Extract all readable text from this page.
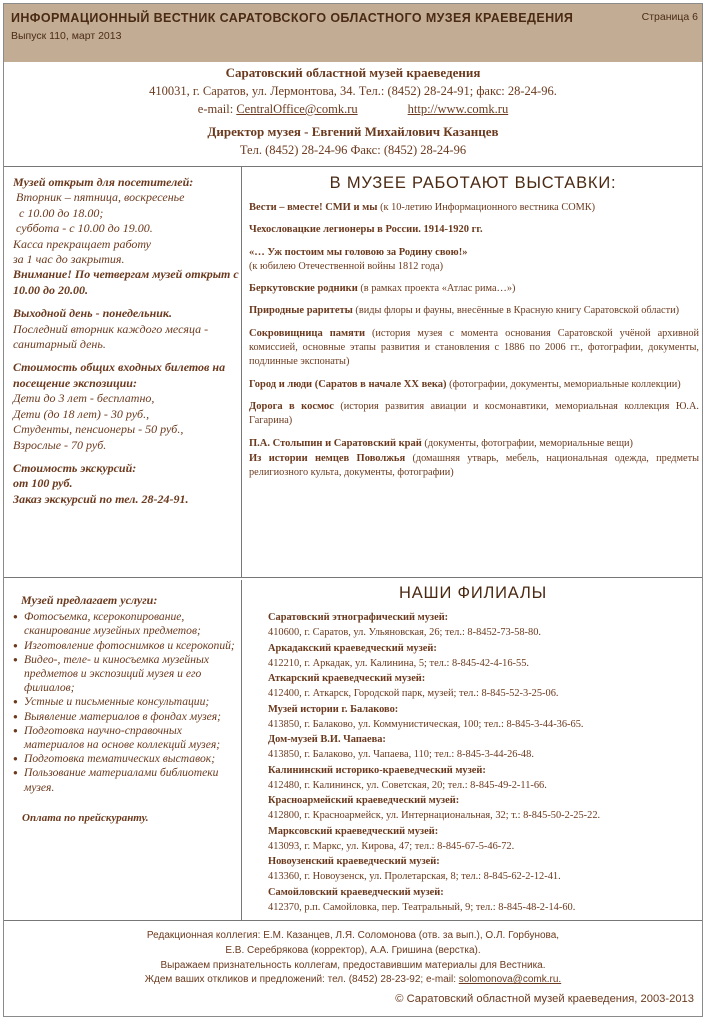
ИНФОРМАЦИОННЫЙ ВЕСТНИК САРАТОВСКОГО ОБЛАСТНОГО МУЗЕЯ КРАЕВЕДЕНИЯ
Выпуск 110, март 2013
Страница 6
Саратовский областной музей краеведения
410031, г. Саратов, ул. Лермонтова, 34. Тел.: (8452) 28-24-91; факс: 28-24-96.
e-mail: CentralOffice@comk.ru	http://www.comk.ru
Директор музея - Евгений Михайлович Казанцев
Тел. (8452) 28-24-96 Факс: (8452) 28-24-96
Музей открыт для посетителей:
Вторник – пятница, воскресенье
с 10.00 до 18.00;
суббота - с 10.00 до 19.00.
Касса прекращает работу
за 1 час до закрытия.
Внимание! По четвергам музей открыт с 10.00 до 20.00.
Выходной день - понедельник.
Последний вторник каждого месяца - санитарный день.
Стоимость общих входных билетов на посещение экспозиции:
Дети до 3 лет - бесплатно,
Дети (до 18 лет) - 30 руб.,
Студенты, пенсионеры - 50 руб.,
Взрослые - 70 руб.
Стоимость экскурсий:
от 100 руб.
Заказ экскурсий по тел. 28-24-91.
В МУЗЕЕ РАБОТАЮТ ВЫСТАВКИ:

Вести – вместе! СМИ и мы (к 10-летию Информационного вестника СОМК)

Чехословацкие легионеры в России. 1914-1920 гг.

«… Уж постоим мы головою за Родину свою!»
(к юбилею Отечественной войны 1812 года)

Беркутовские родники (в рамках проекта «Атлас рима…»)

Природные раритеты (виды флоры и фауны, внесённые в Красную книгу Саратовской области)

Сокровищница памяти (история музея с момента основания Саратовской учёной архивной комиссией, основные этапы развития и становления с 1886 по 2006 гг., фотографии, документы, подлинные экспонаты)

Город и люди (Саратов в начале XX века) (фотографии, документы, мемориальные коллекции)

Дорога в космос (история развития авиации и космонавтики, мемориальная коллекция Ю.А. Гагарина)

П.А. Столыпин и Саратовский край (документы, фотографии, мемориальные вещи)

Из истории немцев Поволжья (домашняя утварь, мебель, национальная одежда, предметы религиозного культа, документы, фотографии)

Музей предлагает услуги:
● Фотосъемка, ксерокопирование, сканирование музейных предметов;
● Изготовление фотоснимков и ксерокопий;
● Видео-, теле- и киносъемка музейных предметов и экспозиций музея и его филиалов;
● Устные и письменные консультации;
● Выявление материалов в фондах музея;
● Подготовка научно-справочных материалов на основе коллекций музея;
● Подготовка тематических выставок;
● Пользование материалами библиотеки музея.
Оплата по прейскуранту.
НАШИ ФИЛИАЛЫ
Саратовский этнографический музей:
410600, г. Саратов, ул. Ульяновская, 26; тел.: 8-8452-73-58-80.
Аркадакский краеведческий музей:
412210, г. Аркадак, ул. Калинина, 5; тел.: 8-845-42-4-16-55.
Аткарский краеведческий музей:
412400, г. Аткарск, Городской парк, музей; тел.: 8-845-52-3-25-06.
Музей истории г. Балаково:
413850, г. Балаково, ул. Коммунистическая, 100; тел.: 8-845-3-44-36-65.
Дом-музей В.И. Чапаева:
413850, г. Балаково, ул. Чапаева, 110; тел.: 8-845-3-44-26-48.
Калининский историко-краеведческий музей:
412480, г. Калининск, ул. Советская, 20; тел.: 8-845-49-2-11-66.
Красноармейский краеведческий музей:
412800, г. Красноармейск, ул. Интернациональная, 32; т.: 8-845-50-2-25-22.
Марксовский краеведческий музей:
413093, г. Маркс, ул. Кирова, 47; тел.: 8-845-67-5-46-72.
Новоузенский краеведческий музей:
413360, г. Новоузенск, ул. Пролетарская, 8; тел.: 8-845-62-2-12-41.
Самойловский краеведческий музей:
412370, р.п. Самойловка, пер. Театральный, 9; тел.: 8-845-48-2-14-60.
Редакционная коллегия: Е.М. Казанцев, Л.Я. Соломонова (отв. за вып.), О.Л. Горбунова,
Е.В. Серебрякова (корректор), А.А. Гришина (верстка).
Выражаем признательность коллегам, предоставившим материалы для Вестника.
Ждем ваших откликов и предложений: тел. (8452) 28-23-92; e-mail: solomonova@comk.ru.
© Саратовский областной музей краеведения, 2003-2013
